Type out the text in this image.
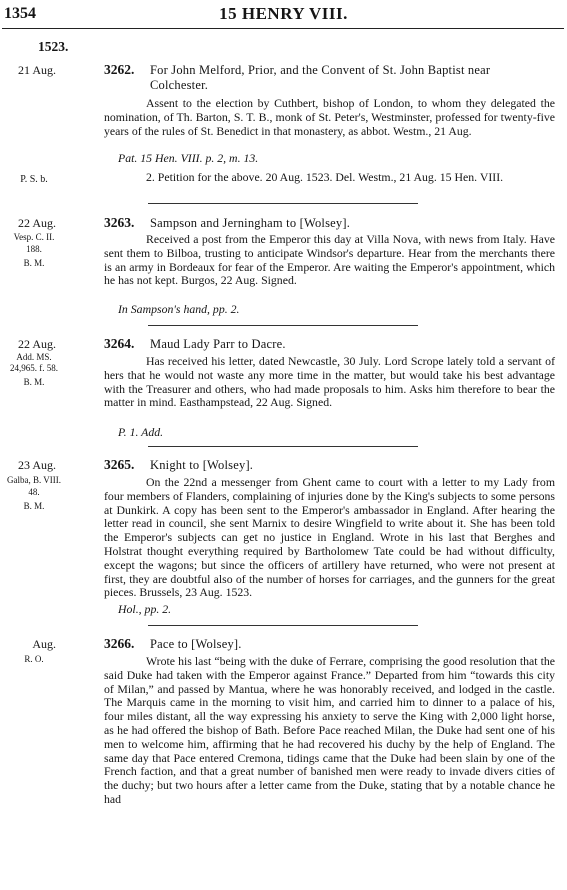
1354	15 HENRY VIII.
1523.
21 Aug.	3262. For John Melford, Prior, and the Convent of St. John Baptist near Colchester.
Assent to the election by Cuthbert, bishop of London, to whom they delegated the nomination, of Th. Barton, S. T. B., monk of St. Peter's, Westminster, professed for twenty-five years of the rules of St. Benedict in that monastery, as abbot. Westm., 21 Aug.
Pat. 15 Hen. VIII. p. 2, m. 13.
P. S. b.	2. Petition for the above. 20 Aug. 1523. Del. Westm., 21 Aug. 15 Hen. VIII.
22 Aug.
Vesp. C. II.
188.
B. M.
3263. Sampson and Jerningham to [Wolsey].
Received a post from the Emperor this day at Villa Nova, with news from Italy. Have sent them to Bilboa, trusting to anticipate Windsor's departure. Hear from the merchants there is an army in Bordeaux for fear of the Emperor. Are waiting the Emperor's appointment, which he has not kept. Burgos, 22 Aug. Signed.
In Sampson's hand, pp. 2.
22 Aug.
Add. MS.
24,965. f. 58.
B. M.
3264. Maud Lady Parr to Dacre.
Has received his letter, dated Newcastle, 30 July. Lord Scrope lately told a servant of hers that he would not waste any more time in the matter, but would take his best advantage with the Treasurer and others, who had made proposals to him. Asks him therefore to bear the matter in mind. Easthampstead, 22 Aug. Signed.
P. 1. Add.
23 Aug.
Galba, B. VIII.
48.
B. M.
3265. Knight to [Wolsey].
On the 22nd a messenger from Ghent came to court with a letter to my Lady from four members of Flanders, complaining of injuries done by the King's subjects to some persons at Dunkirk. A copy has been sent to the Emperor's ambassador in England. After hearing the letter read in council, she sent Marnix to desire Wingfield to write about it. She has been told the Emperor's subjects can get no justice in England. Wrote in his last that Berghes and Holstrat thought everything required by Bartholomew Tate could be had without difficulty, except the wagons; but since the officers of artillery have returned, who were not present at first, they are doubtful also of the number of horses for carriages, and the gunners for the great pieces. Brussels, 23 Aug. 1523.
Hol., pp. 2.
Aug.
R. O.
3266. Pace to [Wolsey].
Wrote his last “being with the duke of Ferrare, comprising the good resolution that the said Duke had taken with the Emperor against France.” Departed from him “towards this city of Milan,” and passed by Mantua, where he was honorably received, and lodged in the castle. The Marquis came in the morning to visit him, and carried him to dinner to a palace of his, four miles distant, all the way expressing his anxiety to serve the King with 2,000 light horse, as he had offered the bishop of Bath. Before Pace reached Milan, the Duke had sent one of his men to welcome him, affirming that he had recovered his duchy by the help of England. The same day that Pace entered Cremona, tidings came that the Duke had been slain by one of the French faction, and that a great number of banished men were ready to invade divers cities of the duchy; but two hours after a letter came from the Duke, stating that by a notable chance he had
